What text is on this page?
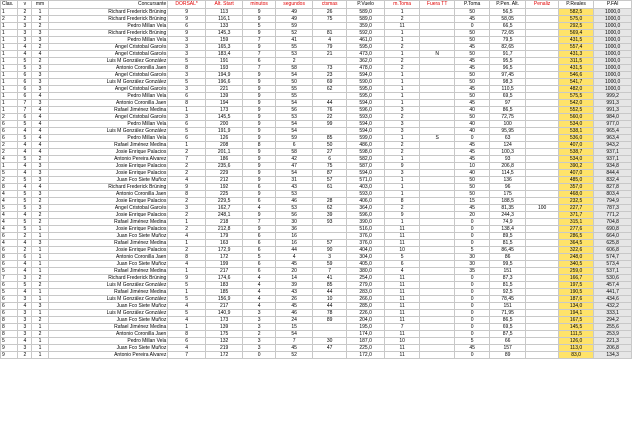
Clas.	v	mm	Concursante	DORSAL*	Alt. Start	minutos	segundos	ctsmas	P.Vuelo	m.Toma	Fuera TT	P.Toma	P.Pen. Alt.	Penaliz	P.Reales	P.FAI
1	2	1	Richard Frederick Brüning	9	113	9	49	26	589,0	1		50	56,5		582,5	1000,0
2	2	2	Richard Frederick Brüning	9	116,1	9	49	75	589,0	2		45	58,05		575,0	1000,0
1	3	2	Pedro Millan Vela	6	133	5	59		359,0	11		0	66,5		292,5	1000,0
1	3	3	Richard Frederick Brüning	9	145,3	9	52	81	592,0	1		50	72,65		569,4	1000,0
1	3	3	Pedro Millan Vela	3	159	7	41	4	461,0	1		50	79,5		431,5	1000,0
1	4	2	Angel Cristobal Garcés	3	165,3	9	55	79	595,0	2		45	82,65		557,4	1000,0
1	4	4	Angel Cristobal Garcés	3	183,4	7	53	21	473,0	1	N	50	91,7		431,3	1000,0
1	5	2	Luis M González González	5	191	6	2		362,0	2		45	95,5		311,5	1000,0
1	5	3	Antonio Coronilla Jaen	8	193	7	58	73	478,0	2		45	96,5		431,5	1000,0
1	6	3	Angel Cristobal Garcés	3	194,9	9	54	23	594,0	1		50	97,45		546,6	1000,0
1	6	3	Luis M González González	5	196,6	9	50	69	590,0	1		50	98,3		541,7	1000,0
1	6	3	Angel Cristobal Garcés	3	221	9	55	62	595,0	1		45	110,5		482,0	1000,0
1	6	4	Pedro Millan Vela	6	139	9	55		595,0	1		50	69,5		575,5	999,2
1	7	3	Antonio Coronilla Jaen	8	194	9	54	44	594,0	1		45	97		542,0	991,3
1	7	4	Rafael Jiménez Medina	1	173	9	56	76	596,0	3		40	86,5		552,5	991,3
2	6	4	Angel Cristobal Garcés	3	145,5	9	53	22	593,0	2		50	72,75		560,0	984,0
6	5	4	Pedro Millan Vela	6	200	9	54	99	594,0	3		40	100		534,0	977,0
6	4	4	Luis M González González	5	191,9	9	54		594,0	3		40	95,95		538,1	965,4
6	5	4	Pedro Millan Vela	6	126	9	59	85	599,0	1	S	0	63		536,0	963,4
2	4	4	Rafael Jiménez Medina	1	208	8	6	50	486,0	2		45	124		407,0	943,2
2	4	4	Josie Enrique Palacios	2	201,1	9	58	27	598,0	2		45	100,3		538,7	937,1
4	5	2	Antonio Pereira Alvarez	7	186	9	42	6	582,0	1		45	93		534,0	937,1
1	4	3	Josie Enrique Palacios	2	235,6	9	47	75	587,0	9		10	206,8		390,2	934,8
5	4	3	Josie Enrique Palacios	2	229	9	54	87	594,0	3		40	114,5		407,0	844,4
2	5	3	Juan Fco Siete Muñoz	4	212	9	31	57	571,0	1		50	136		485,0	832,4
8	4	4	Richard Frederick Brüning	9	192	6	43	61	403,0	1		50	96		357,0	827,8
4	5	3	Antonio Coronilla Jaen	8	225	9	53		593,0	1		50	175		468,0	803,4
4	5	2	Josie Enrique Palacios	2	229,5	6	46	28	406,0	8		15	188,5		232,5	794,9
5	5	3	Angel Cristobal Garcés	3	162,7	4	53	62	364,0	2		45	81,35	100	227,7	787,3
4	4	2	Josie Enrique Palacios	2	248,1	9	56	39	596,0	9		20	244,3		371,7	771,2
4	5	2	Rafael Jiménez Medina	1	218	7	30	93	390,0	1		0	74,9		315,1	704,8
4	5	1	Josie Enrique Palacios	2	212,8	9	36		516,0	11		0	138,4		277,6	690,8
6	2	1	Juan Fco Siete Muñoz	4	179	6	16		376,0	11		0	89,5		286,5	664,0
4	4	3	Rafael Jiménez Medina	1	163	6	16	57	376,0	11		0	81,5		364,5	625,8
6	2	1	Josie Enrique Palacios	2	172,9	6	44	90	404,0	10		5	86,45		322,6	606,8
8	6	1	Antonio Coronilla Jaen	8	172	5	4	3	304,0	5		30	86		248,0	574,7
6	4	1	Juan Fco Siete Muñoz	4	199	6	45	59	405,0	6		30	99,5		340,5	573,4
5	4	1	Rafael Jiménez Medina	1	217	6	20	7	380,0	4		35	151		259,0	537,1
7	3	2	Richard Frederick Brüning	9	174,6	4	14	41	254,0	11		0	87,3		166,7	530,6
6	5	2	Luis M González González	5	183	4	39	85	279,0	11		0	81,5		197,5	457,4
5	4	1	Rafael Jiménez Medina	1	185	4	43	44	283,0	11		0	92,5		190,5	441,7
6	3	1	Luis M González González	5	156,9	4	26	10	266,0	11		0	78,45		187,6	434,6
6	4	3	Juan Fco Siete Muñoz	4	217	4	45	44	285,0	11		0	151		134,0	432,2
6	3	1	Luis M González González	5	140,9	3	46	78	226,0	11		0	71,95		194,1	333,1
8	3	2	Juan Fco Siete Muñoz	4	173	3	24	89	204,0	11		0	86,5		167,5	294,2
8	3	1	Rafael Jiménez Medina	1	139	3	15		195,0	7		0	69,5		145,5	255,6
8	3	2	Antonio Coronilla Jaen	8	175	2	54		174,0	11		0	87,5		111,5	253,9
5	4	1	Pedro Millan Vela	6	132	3	7	30	187,0	10		5	66		126,0	221,3
9	3	1	Juan Fco Siete Muñoz	4	219	3	45	47	225,0	11		45	157		113,0	206,8
9	2	1	Antonio Pereira Alvarez	7	172	0	52		172,0	11		0	89		83,0	134,3
